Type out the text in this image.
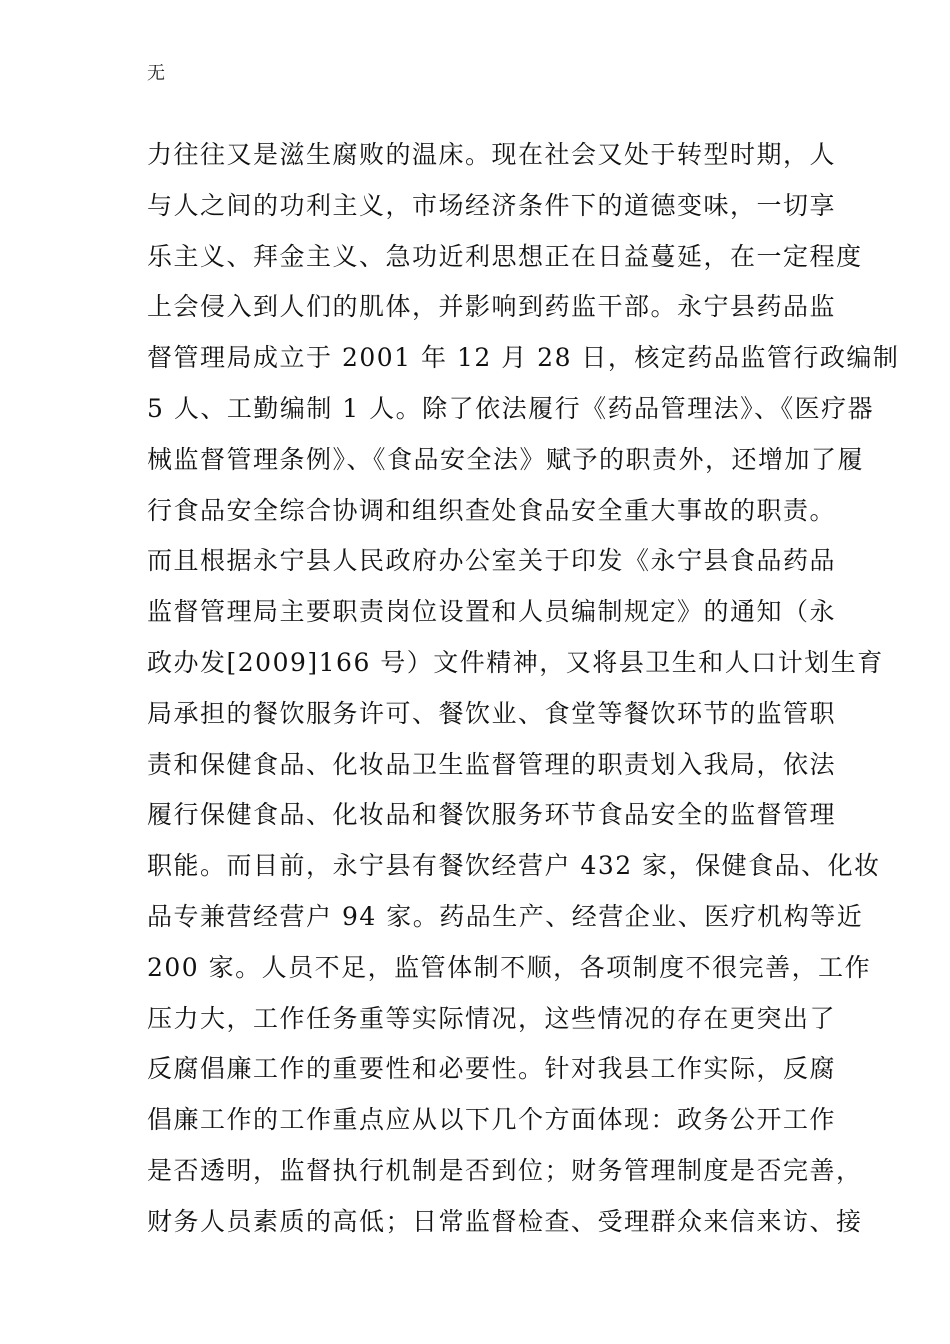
无
力往往又是滋生腐败的温床。现在社会又处于转型时期，人
与人之间的功利主义，市场经济条件下的道德变味，一切享
乐主义、拜金主义、急功近利思想正在日益蔓延，在一定程度
上会侵入到人们的肌体，并影响到药监干部。永宁县药品监
督管理局成立于 2001 年 12 月 28 日，核定药品监管行政编制
5 人、工勤编制 1 人。除了依法履行《药品管理法》、《医疗器
械监督管理条例》、《食品安全法》赋予的职责外，还增加了履
行食品安全综合协调和组织查处食品安全重大事故的职责。
而且根据永宁县人民政府办公室关于印发《永宁县食品药品
监督管理局主要职责岗位设置和人员编制规定》的通知（永
政办发[2009]166 号）文件精神，又将县卫生和人口计划生育
局承担的餐饮服务许可、餐饮业、食堂等餐饮环节的监管职
责和保健食品、化妆品卫生监督管理的职责划入我局，依法
履行保健食品、化妆品和餐饮服务环节食品安全的监督管理
职能。而目前，永宁县有餐饮经营户 432 家，保健食品、化妆
品专兼营经营户 94 家。药品生产、经营企业、医疗机构等近
200 家。人员不足，监管体制不顺，各项制度不很完善，工作
压力大，工作任务重等实际情况，这些情况的存在更突出了
反腐倡廉工作的重要性和必要性。针对我县工作实际，反腐
倡廉工作的工作重点应从以下几个方面体现：政务公开工作
是否透明，监督执行机制是否到位；财务管理制度是否完善，
财务人员素质的高低；日常监督检查、受理群众来信来访、接
